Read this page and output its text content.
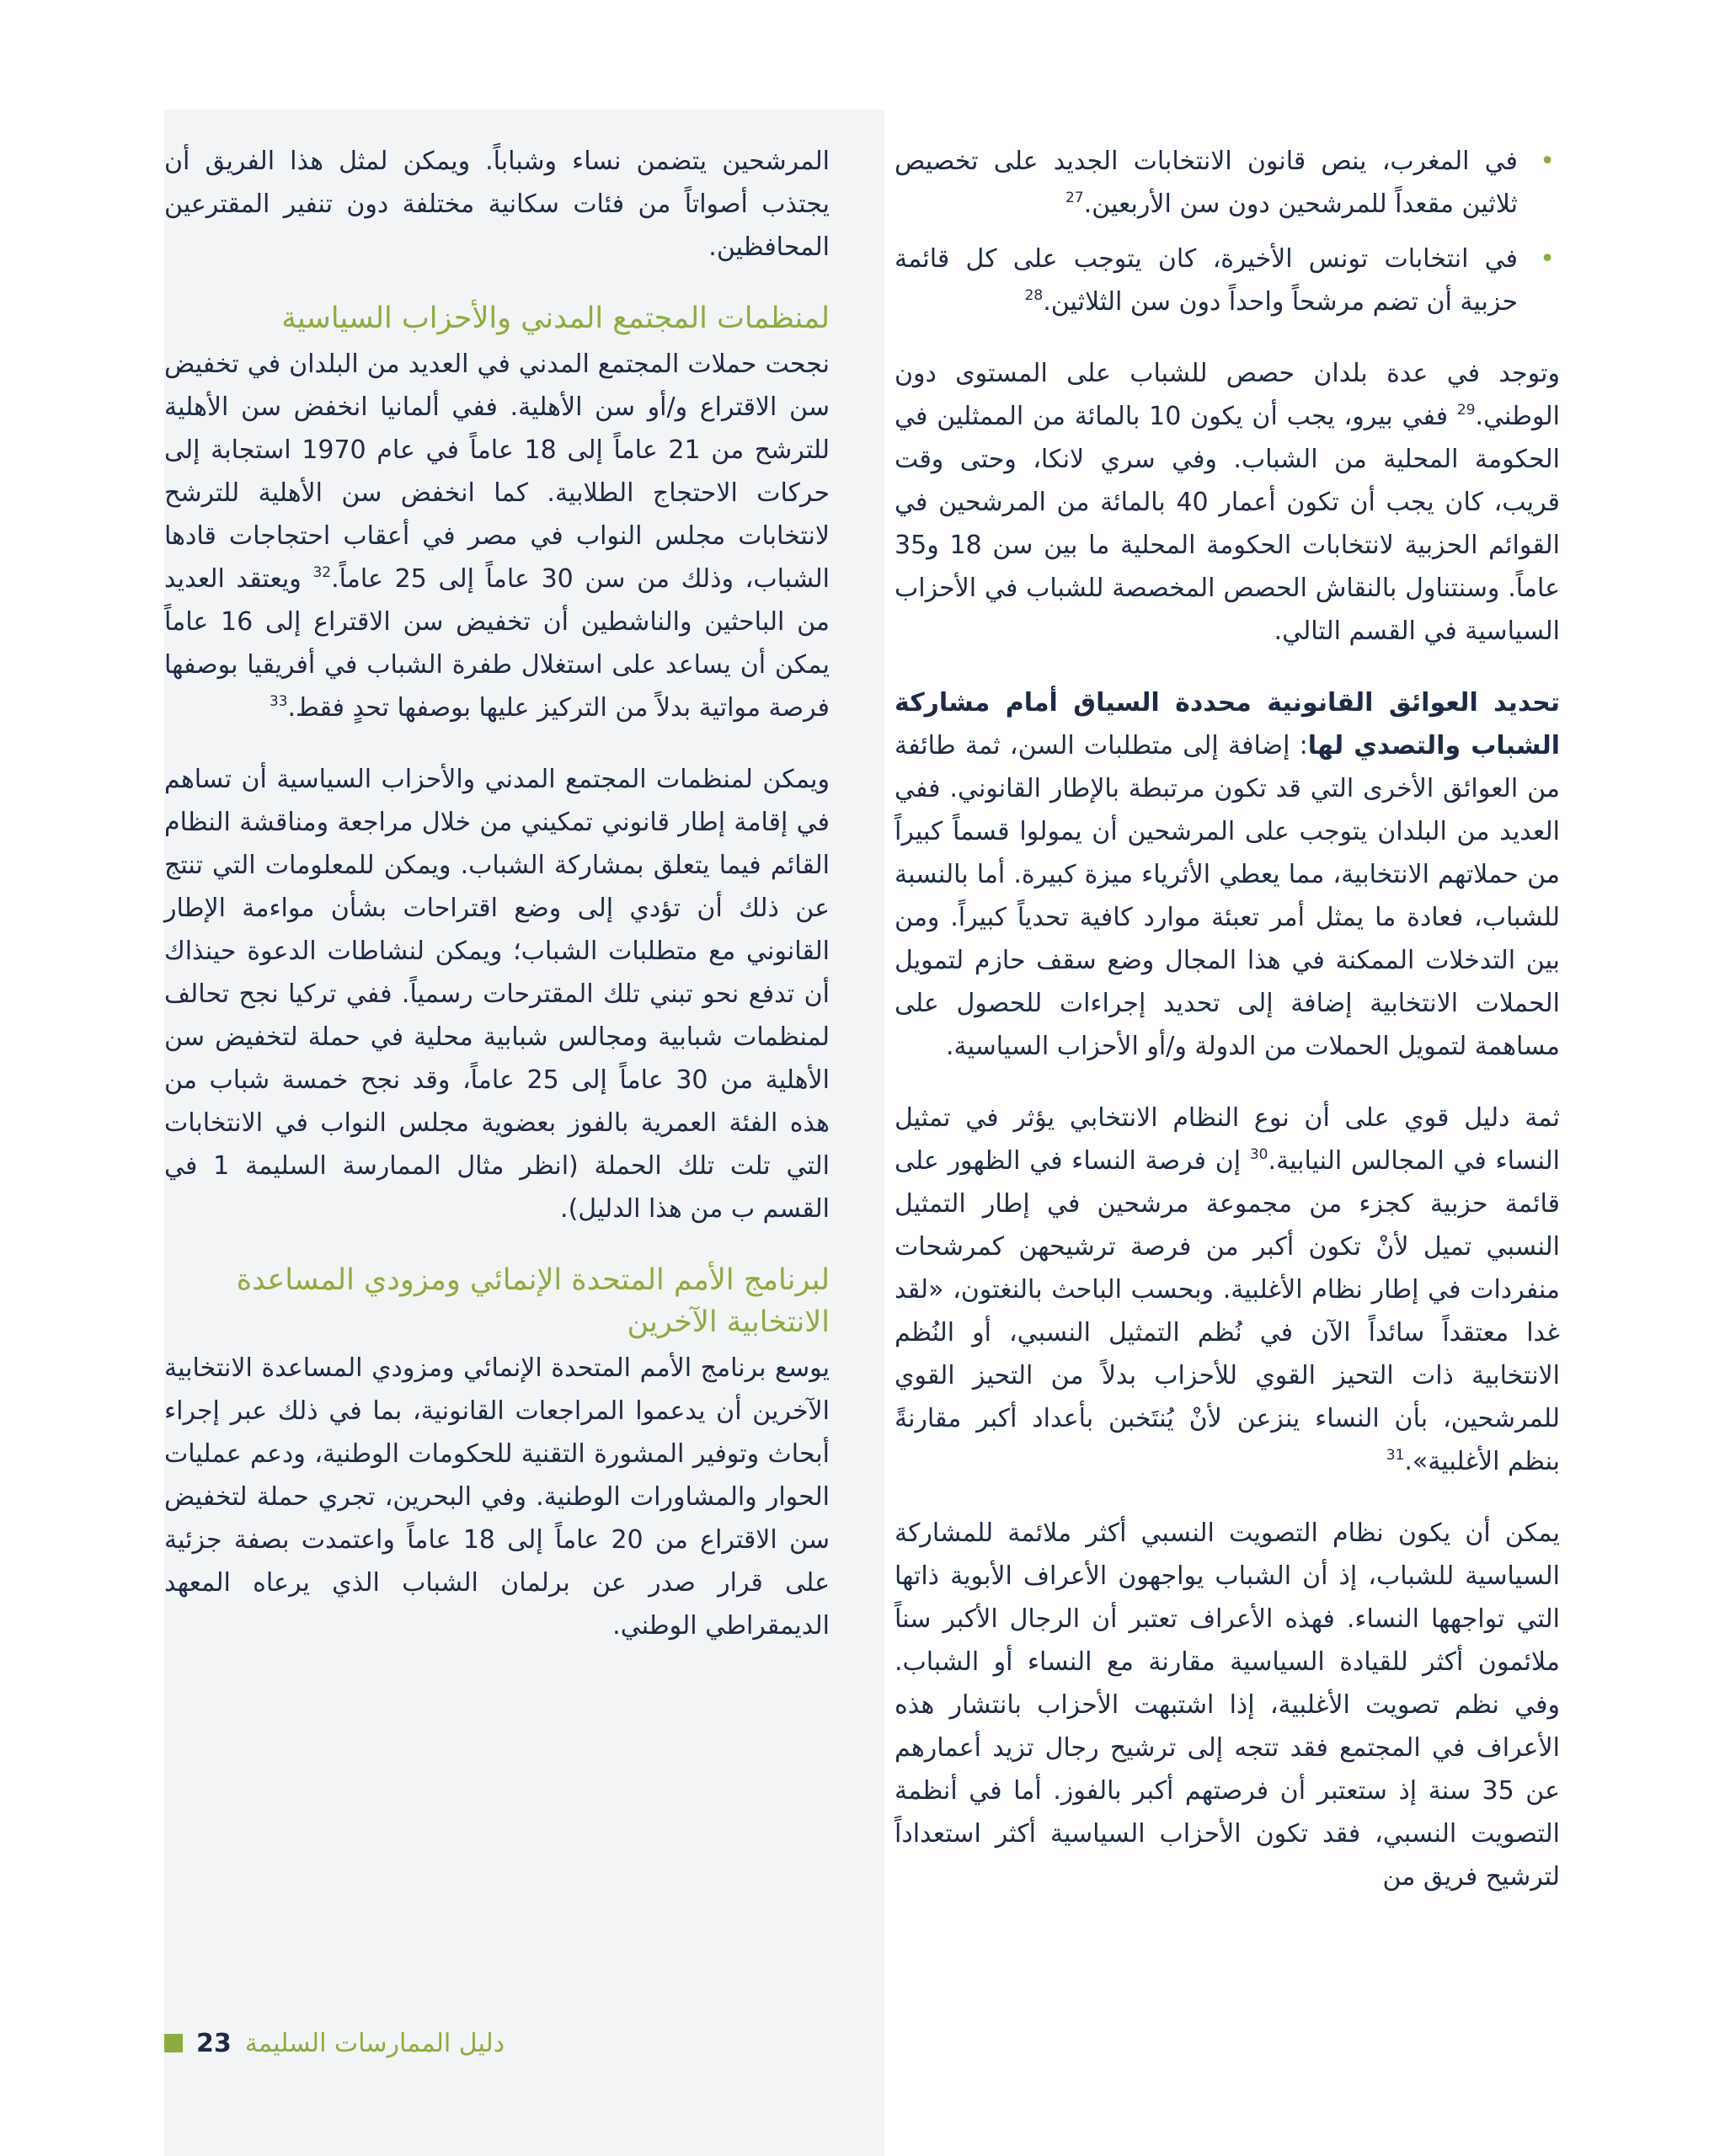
•
في المغرب، ينص قانون الانتخابات الجديد على تخصيص ثلاثين مقعداً للمرشحين دون سن الأربعين.$^{27}$
•
في انتخابات تونس الأخيرة، كان يتوجب على كل قائمة حزبية أن تضم مرشحاً واحداً دون سن الثلاثين.$^{28}$

وتوجد في عدة بلدان حصص للشباب على المستوى دون الوطني.$^{29}$ ففي بيرو، يجب أن يكون 10 بالمائة من الممثلين في الحكومة المحلية من الشباب. وفي سري لانكا، وحتى وقت قريب، كان يجب أن تكون أعمار 40 بالمائة من المرشحين في القوائم الحزبية لانتخابات الحكومة المحلية ما بين سن 18 و35 عاماً. وسنتناول بالنقاش الحصص المخصصة للشباب في الأحزاب السياسية في القسم التالي.

تحديد العوائق القانونية محددة السياق أمام مشاركة الشباب والتصدي لها: إضافة إلى متطلبات السن، ثمة طائفة من العوائق الأخرى التي قد تكون مرتبطة بالإطار القانوني. ففي العديد من البلدان يتوجب على المرشحين أن يمولوا قسماً كبيراً من حملاتهم الانتخابية، مما يعطي الأثرياء ميزة كبيرة. أما بالنسبة للشباب، فعادة ما يمثل أمر تعبئة موارد كافية تحدياً كبيراً. ومن بين التدخلات الممكنة في هذا المجال وضع سقف حازم لتمويل الحملات الانتخابية إضافة إلى تحديد إجراءات للحصول على مساهمة لتمويل الحملات من الدولة و/أو الأحزاب السياسية.

ثمة دليل قوي على أن نوع النظام الانتخابي يؤثر في تمثيل النساء في المجالس النيابية.$^{30}$ إن فرصة النساء في الظهور على قائمة حزبية كجزء من مجموعة مرشحين في إطار التمثيل النسبي تميل لأنْ تكون أكبر من فرصة ترشيحهن كمرشحات منفردات في إطار نظام الأغلبية. وبحسب الباحث بالنغتون، «لقد غدا معتقداً سائداً الآن في نُظم التمثيل النسبي، أو النُظم الانتخابية ذات التحيز القوي للأحزاب بدلاً من التحيز القوي للمرشحين، بأن النساء ينزعن لأنْ يُنتَخبن بأعداد أكبر مقارنةً بنظم الأغلبية».$^{31}$

يمكن أن يكون نظام التصويت النسبي أكثر ملائمة للمشاركة السياسية للشباب، إذ أن الشباب يواجهون الأعراف الأبوية ذاتها التي تواجهها النساء. فهذه الأعراف تعتبر أن الرجال الأكبر سناً ملائمون أكثر للقيادة السياسية مقارنة مع النساء أو الشباب. وفي نظم تصويت الأغلبية، إذا اشتبهت الأحزاب بانتشار هذه الأعراف في المجتمع فقد تتجه إلى ترشيح رجال تزيد أعمارهم عن 35 سنة إذ ستعتبر أن فرصتهم أكبر بالفوز. أما في أنظمة التصويت النسبي، فقد تكون الأحزاب السياسية أكثر استعداداً لترشيح فريق من

المرشحين يتضمن نساء وشباباً. ويمكن لمثل هذا الفريق أن يجتذب أصواتاً من فئات سكانية مختلفة دون تنفير المقترعين المحافظين.

لمنظمات المجتمع المدني والأحزاب السياسية

نجحت حملات المجتمع المدني في العديد من البلدان في تخفيض سن الاقتراع و/أو سن الأهلية. ففي ألمانيا انخفض سن الأهلية للترشح من 21 عاماً إلى 18 عاماً في عام 1970 استجابة إلى حركات الاحتجاج الطلابية. كما انخفض سن الأهلية للترشح لانتخابات مجلس النواب في مصر في أعقاب احتجاجات قادها الشباب، وذلك من سن 30 عاماً إلى 25 عاماً.$^{32}$ ويعتقد العديد من الباحثين والناشطين أن تخفيض سن الاقتراع إلى 16 عاماً يمكن أن يساعد على استغلال طفرة الشباب في أفريقيا بوصفها فرصة مواتية بدلاً من التركيز عليها بوصفها تحدٍ فقط.$^{33}$

ويمكن لمنظمات المجتمع المدني والأحزاب السياسية أن تساهم في إقامة إطار قانوني تمكيني من خلال مراجعة ومناقشة النظام القائم فيما يتعلق بمشاركة الشباب. ويمكن للمعلومات التي تنتج عن ذلك أن تؤدي إلى وضع اقتراحات بشأن مواءمة الإطار القانوني مع متطلبات الشباب؛ ويمكن لنشاطات الدعوة حينذاك أن تدفع نحو تبني تلك المقترحات رسمياً. ففي تركيا نجح تحالف لمنظمات شبابية ومجالس شبابية محلية في حملة لتخفيض سن الأهلية من 30 عاماً إلى 25 عاماً، وقد نجح خمسة شباب من هذه الفئة العمرية بالفوز بعضوية مجلس النواب في الانتخابات التي تلت تلك الحملة (انظر مثال الممارسة السليمة 1 في القسم ب من هذا الدليل).

لبرنامج الأمم المتحدة الإنمائي ومزودي المساعدة الانتخابية الآخرين

يوسع برنامج الأمم المتحدة الإنمائي ومزودي المساعدة الانتخابية الآخرين أن يدعموا المراجعات القانونية، بما في ذلك عبر إجراء أبحاث وتوفير المشورة التقنية للحكومات الوطنية، ودعم عمليات الحوار والمشاورات الوطنية. وفي البحرين، تجري حملة لتخفيض سن الاقتراع من 20 عاماً إلى 18 عاماً واعتمدت بصفة جزئية على قرار صدر عن برلمان الشباب الذي يرعاه المعهد الديمقراطي الوطني.

23 دليل الممارسات السليمة
